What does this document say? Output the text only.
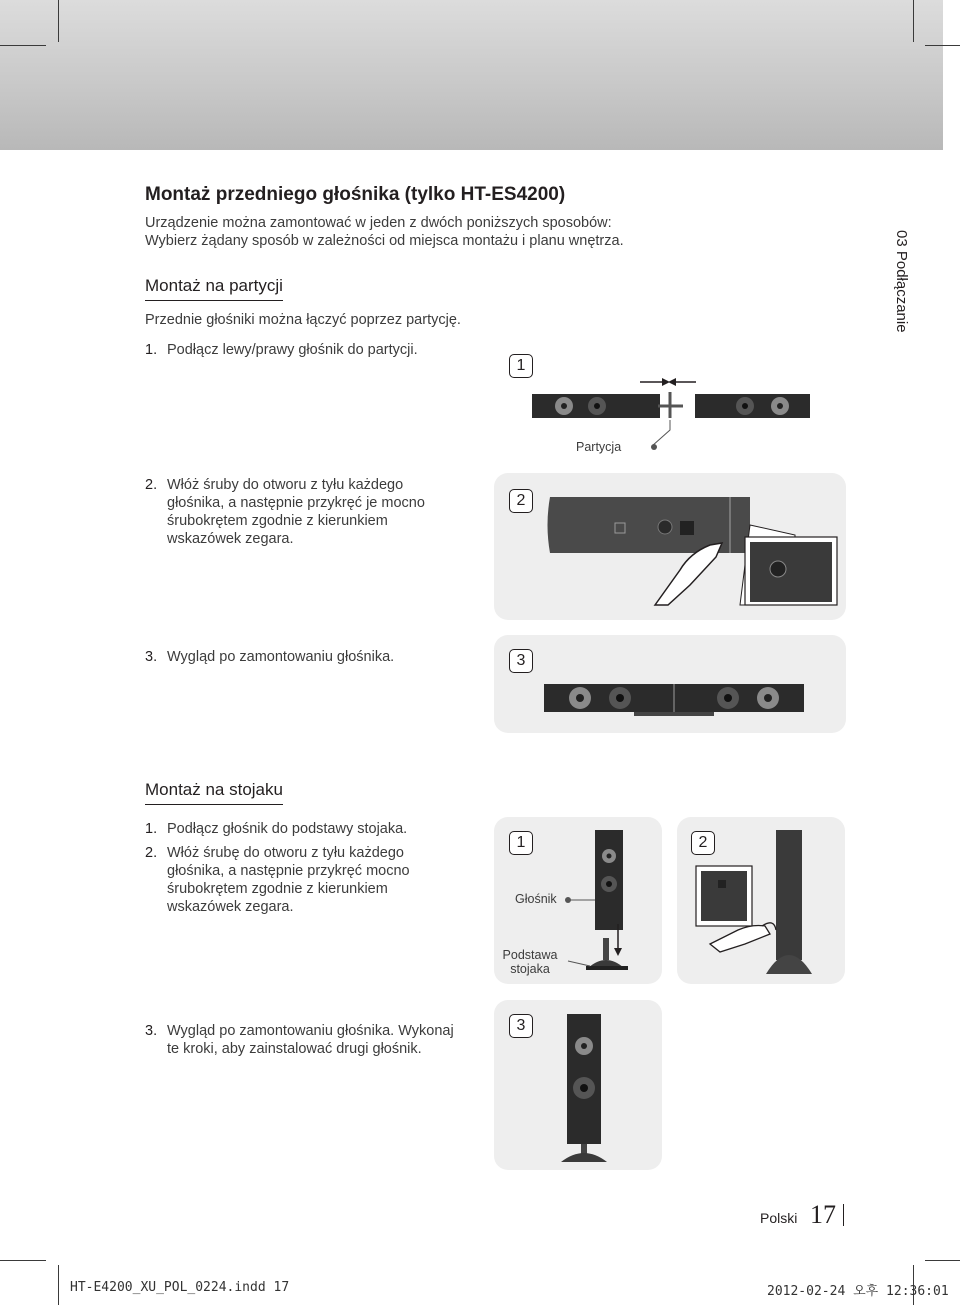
Montaż przedniego głośnika (tylko HT-ES4200)
Urządzenie można zamontować w jeden z dwóch poniższych sposobów:
Wybierz żądany sposób w zależności od miejsca montażu i planu wnętrza.
Montaż na partycji
Przednie głośniki można łączyć poprzez partycję.
1. Podłącz lewy/prawy głośnik do partycji.
2. Włóż śruby do otworu z tyłu każdego
głośnika, a następnie przykręć je mocno
śrubokrętem zgodnie z kierunkiem
wskazówek zegara.
3. Wygląd po zamontowaniu głośnika.
1
Partycja
2
3
Montaż na stojaku
1. Podłącz głośnik do podstawy stojaka.
2. Włóż śrubę do otworu z tyłu każdego
głośnika, a następnie przykręć mocno
śrubokrętem zgodnie z kierunkiem
wskazówek zegara.
3. Wygląd po zamontowaniu głośnika. Wykonaj
te kroki, aby zainstalować drugi głośnik.
1
Głośnik
Podstawa
stojaka
2
3
03 Podłączanie
Polski 17
HT-E4200_XU_POL_0224.indd 17	2012-02-24 오후 12:36:01
